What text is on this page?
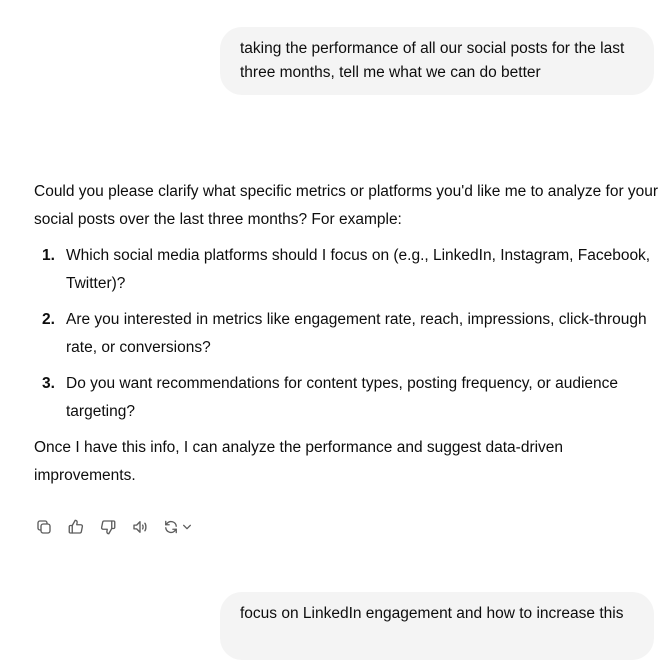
taking the performance of all our social posts for the last three months, tell me what we can do better

Could you please clarify what specific metrics or platforms you'd like me to analyze for your social posts over the last three months? For example:

1. Which social media platforms should I focus on (e.g., LinkedIn, Instagram, Facebook, Twitter)?
2. Are you interested in metrics like engagement rate, reach, impressions, click-through rate, or conversions?
3. Do you want recommendations for content types, posting frequency, or audience targeting?

Once I have this info, I can analyze the performance and suggest data-driven improvements.

focus on LinkedIn engagement and how to increase this
